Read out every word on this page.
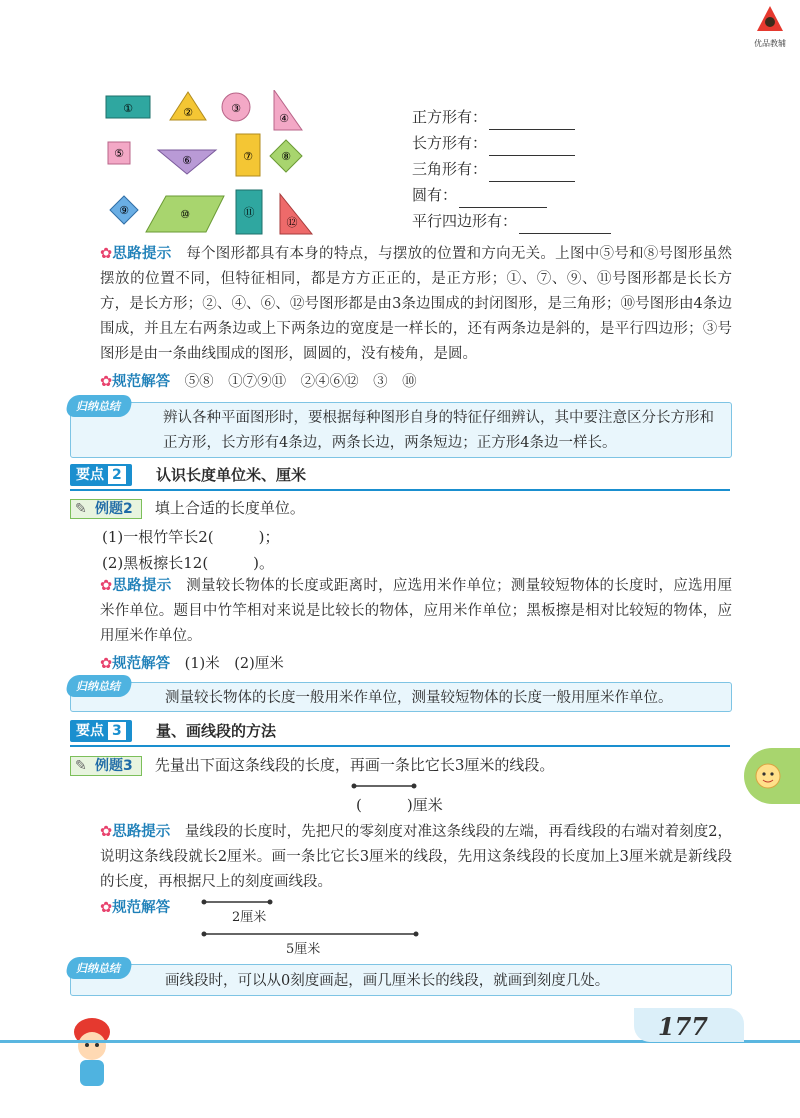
优品教辅
①	②	③
④
⑤
⑥	⑦	⑧
⑨	⑩	⑪
⑫
正方形有：
长方形有：
三角形有：
圆有：
平行四边形有：
✿思路提示　 每个图形都具有本身的特点，与摆放的位置和方向无关。上图中⑤号和⑧号图形虽然摆放的位置不同，但特征相同，都是方方正正的，是正方形；①、⑦、⑨、⑪号图形都是长长方方，是长方形；②、④、⑥、⑫号图形都是由3条边围成的封闭图形，是三角形；⑩号图形由4条边围成，并且左右两条边或上下两条边的宽度是一样长的，还有两条边是斜的，是平行四边形；③号图形是由一条曲线围成的图形，圆圆的，没有棱角，是圆。
✿规范解答　 ⑤⑧　①⑦⑨⑪　②④⑥⑫　③　⑩
归纳总结
辨认各种平面图形时，要根据每种图形自身的特征仔细辨认，其中要注意区分长方形和正方形，长方形有4条边，两条长边，两条短边；正方形4条边一样长。
要点 2	认识长度单位米、厘米
✎ 例题2 填上合适的长度单位。
(1)一根竹竿长2(　　　)；
(2)黑板擦长12(　　　)。
✿思路提示　 测量较长物体的长度或距离时，应选用米作单位；测量较短物体的长度时，应选用厘米作单位。题目中竹竿相对来说是比较长的物体，应用米作单位；黑板擦是相对比较短的物体，应用厘米作单位。
✿规范解答　 (1)米　(2)厘米
归纳总结
测量较长物体的长度一般用米作单位，测量较短物体的长度一般用厘米作单位。
要点 3	量、画线段的方法
✎ 例题3 先量出下面这条线段的长度，再画一条比它长3厘米的线段。
(　　　)厘米
✿思路提示　 量线段的长度时，先把尺的零刻度对准这条线段的左端，再看线段的右端对着刻度2，说明这条线段就长2厘米。画一条比它长3厘米的线段，先用这条线段的长度加上3厘米就是新线段的长度，再根据尺上的刻度画线段。
✿规范解答
2厘米
5厘米
归纳总结
画线段时，可以从0刻度画起，画几厘米长的线段，就画到刻度几处。
177
